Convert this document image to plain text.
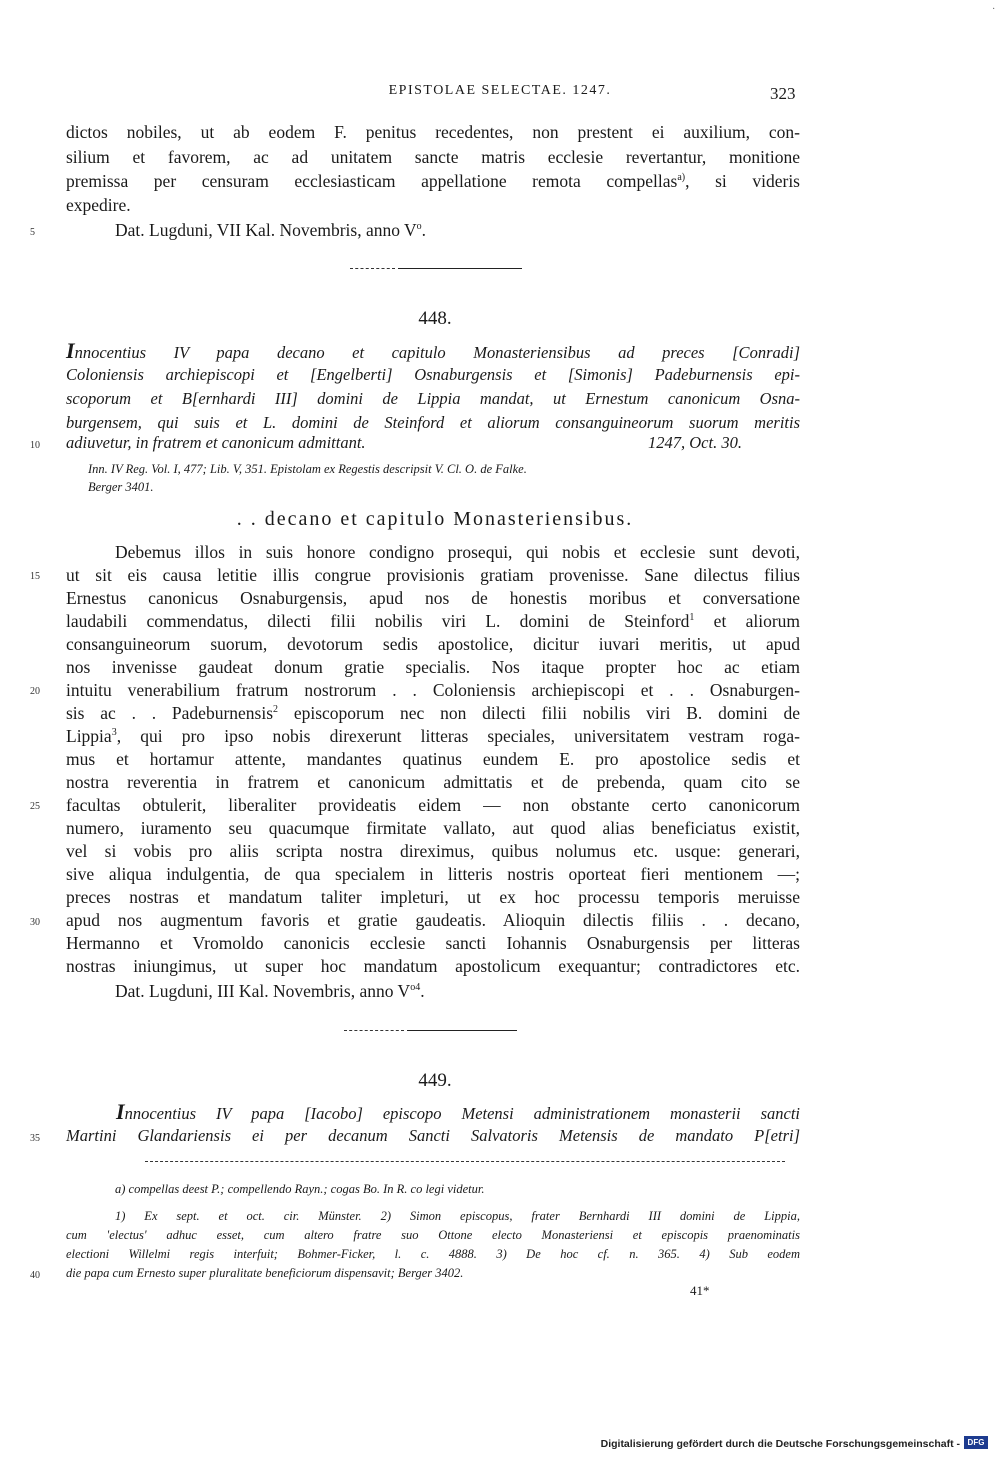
EPISTOLAE SELECTAE. 1247.	323
·
dictos nobiles, ut ab eodem F. penitus recedentes, non prestent ei auxilium, con-
silium et favorem, ac ad unitatem sancte matris ecclesie revertantur, monitione
premissa per censuram ecclesiasticam appellatione remota compellas$^{a)}$, si videris
expedire.
5	Dat. Lugduni, VII Kal. Novembris, anno $V^o$.
448.
Innocentius IV papa decano et capitulo Monasteriensibus ad preces [Conradi]
Coloniensis archiepiscopi et [Engelberti] Osnaburgensis et [Simonis] Padeburnensis epi-
scoporum et B[ernhardi III] domini de Lippia mandat, ut Ernestum canonicum Osna-
burgensem, qui suis et L. domini de Steinford et aliorum consanguineorum suorum meritis
10 adiuvetur, in fratrem et canonicum admittant.	1247, Oct. 30.
Inn. IV Reg. Vol. I, 477; Lib. V, 351. Epistolam ex Regestis descripsit V. Cl. O. de Falke.
Berger 3401.
. . decano et capitulo Monasteriensibus.
Debemus illos in suis honore condigno prosequi, qui nobis et ecclesie sunt devoti,
15 ut sit eis causa letitie illis congrue provisionis gratiam provenisse. Sane dilectus filius
Ernestus canonicus Osnaburgensis, apud nos de honestis moribus et conversatione
laudabili commendatus, dilecti filii nobilis viri L. domini de Steinford$^1$ et aliorum
consanguineorum suorum, devotorum sedis apostolice, dicitur iuvari meritis, ut apud
nos invenisse gaudeat donum gratie specialis. Nos itaque propter hoc ac etiam
20 intuitu venerabilium fratrum nostrorum . . Coloniensis archiepiscopi et . . Osnaburgen-
sis ac . . Padeburnensis$^2$ episcoporum nec non dilecti filii nobilis viri B. domini de
Lippia$^3$, qui pro ipso nobis direxerunt litteras speciales, universitatem vestram roga-
mus et hortamur attente, mandantes quatinus eundem E. pro apostolice sedis et
nostra reverentia in fratrem et canonicum admittatis et de prebenda, quam cito se
25 facultas obtulerit, liberaliter provideatis eidem — non obstante certo canonicorum
numero, iuramento seu quacumque firmitate vallato, aut quod alias beneficiatus existit,
vel si vobis pro aliis scripta nostra direximus, quibus nolumus etc. usque: generari,
sive aliqua indulgentia, de qua specialem in litteris nostris oporteat fieri mentionem —;
preces nostras et mandatum taliter impleturi, ut ex hoc processu temporis meruisse
30 apud nos augmentum favoris et gratie gaudeatis. Alioquin dilectis filiis . . decano,
Hermanno et Vromoldo canonicis ecclesie sancti Iohannis Osnaburgensis per litteras
nostras iniungimus, ut super hoc mandatum apostolicum exequantur; contradictores etc.
Dat. Lugduni, III Kal. Novembris, anno $V^{o4}$.
449.
Innocentius IV papa [Iacobo] episcopo Metensi administrationem monasterii sancti
35 Martini Glandariensis ei per decanum Sancti Salvatoris Metensis de mandato P[etri]
a) compellas deest P.; compellendo Rayn.; cogas Bo. In R. co legi videtur.
1) Ex sept. et oct. cir. Münster. 2) Simon episcopus, frater Bernhardi III domini de Lippia,
cum 'electus' adhuc esset, cum altero fratre suo Ottone electo Monasteriensi et episcopis praenominatis
electioni Willelmi regis interfuit; Bohmer-Ficker, l. c. 4888. 3) De hoc cf. n. 365. 4) Sub eodem
40 die papa cum Ernesto super pluralitate beneficiorum dispensavit; Berger 3402.
41*
Digitalisierung gefördert durch die Deutsche Forschungsgemeinschaft - DFG
